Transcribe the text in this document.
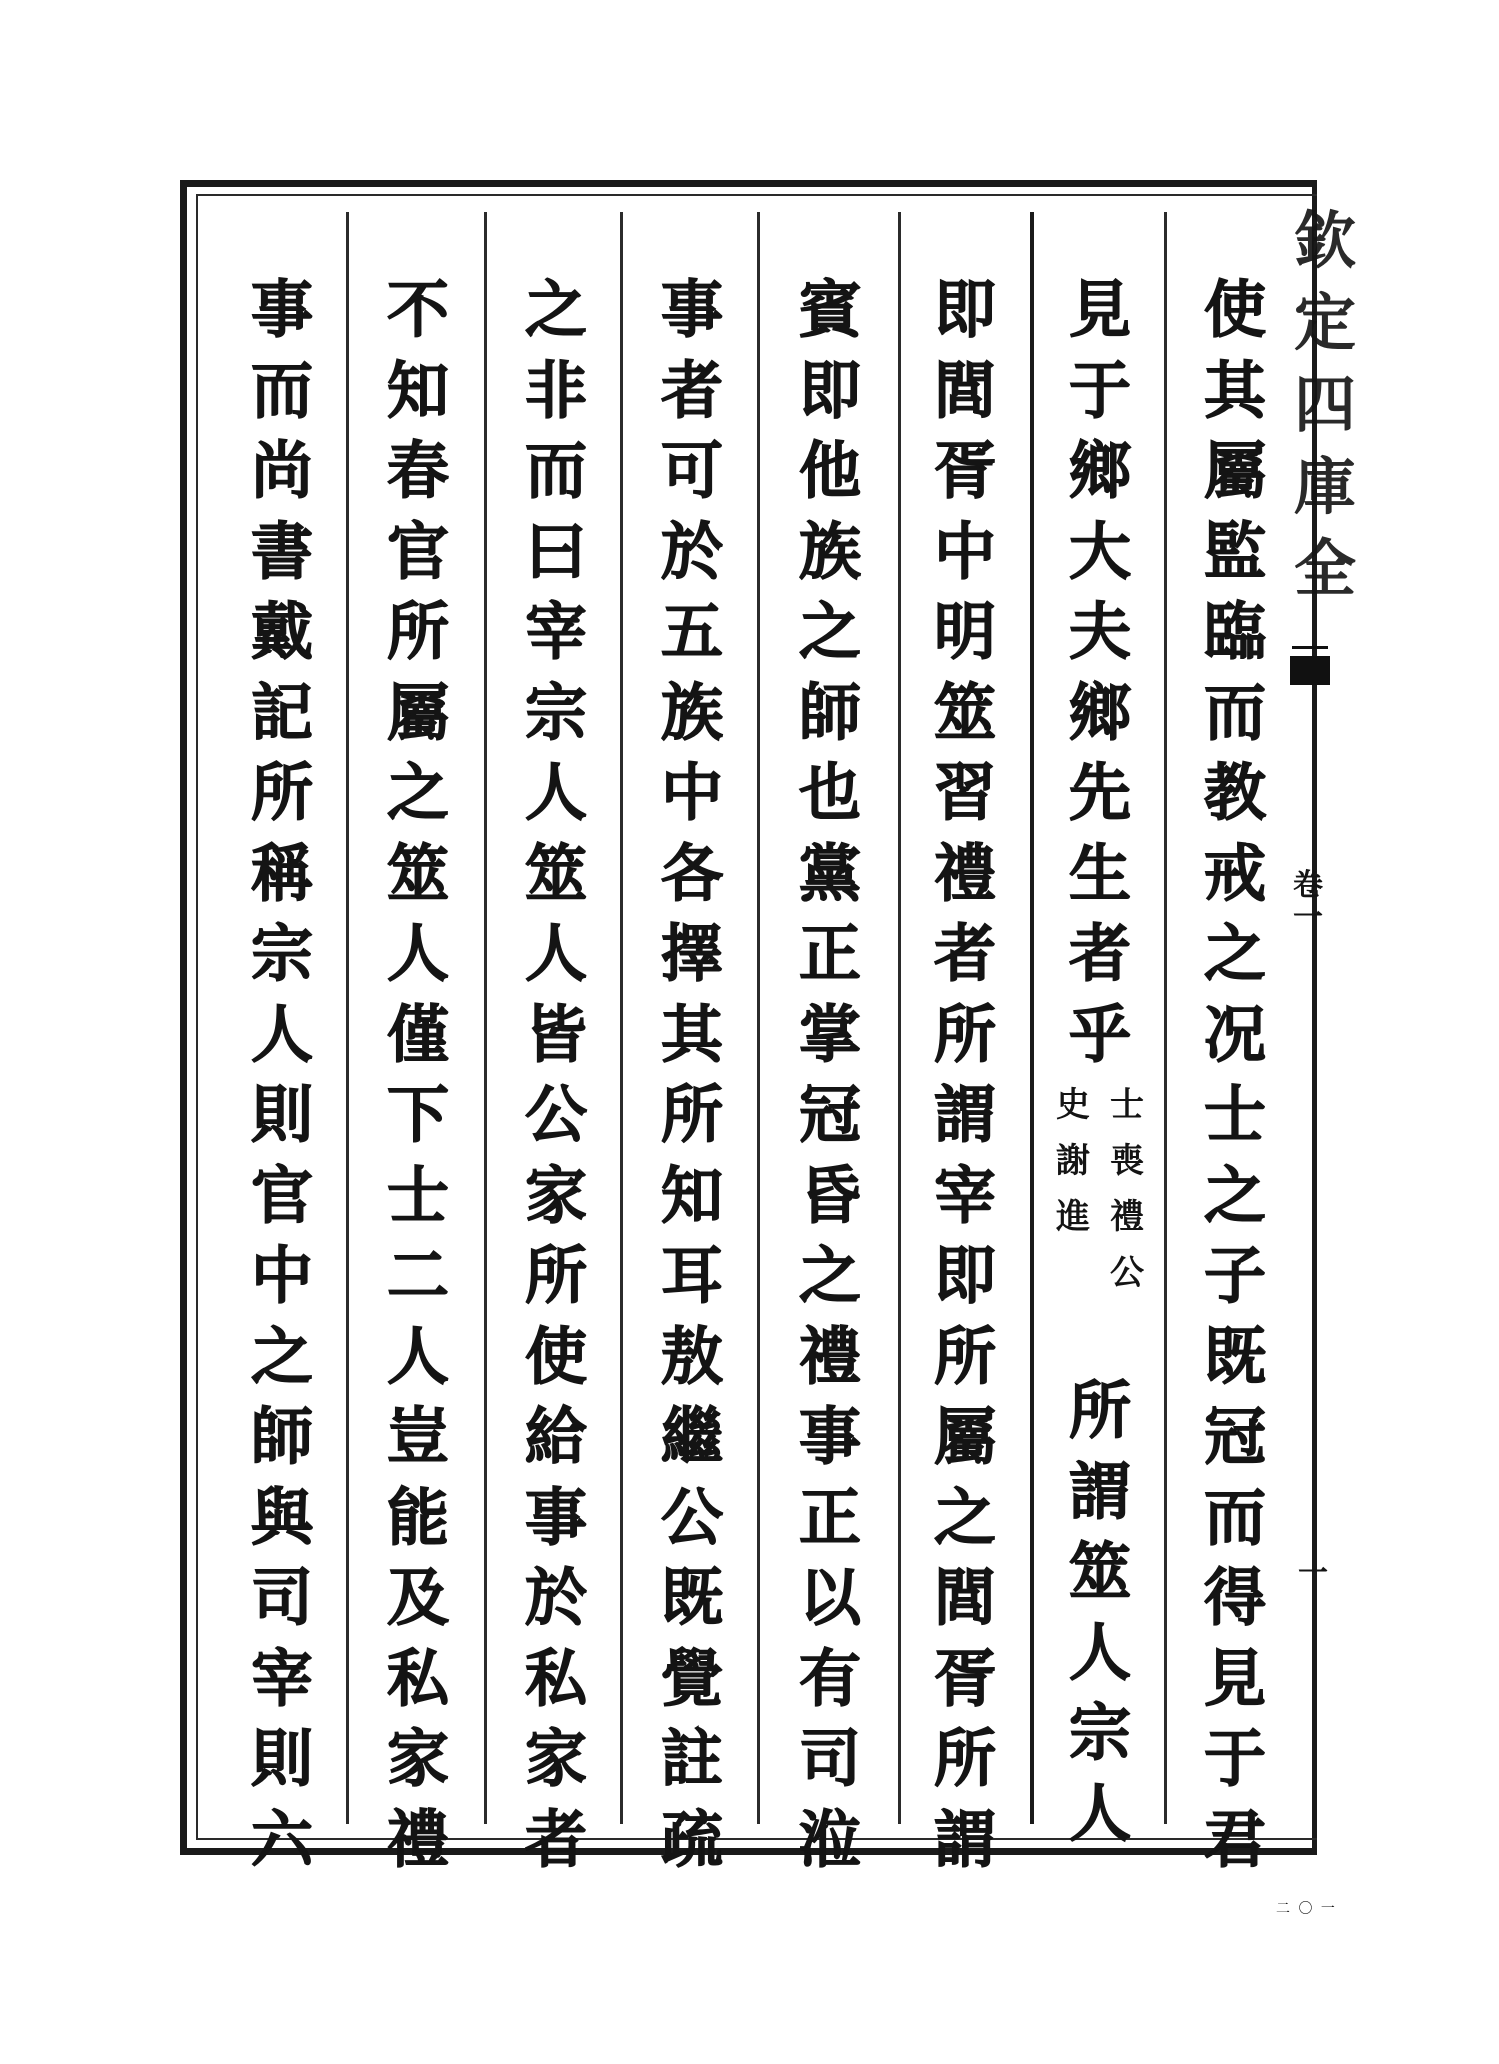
欽
定
四
庫
全
卷
一
一
二 〇 一
使
其
屬
監
臨
而
教
戒
之
况
士
之
子
既
冠
而
得
見
于
君
見
于
鄉
大
夫
鄉
先
生
者
乎
士
喪
禮
公
史
謝
進
所
謂
筮
人
宗
人
即
閭
胥
中
明
筮
習
禮
者
所
謂
宰
即
所
屬
之
閭
胥
所
謂
賓
即
他
族
之
師
也
黨
正
掌
冠
昏
之
禮
事
正
以
有
司
涖
事
者
可
於
五
族
中
各
擇
其
所
知
耳
敖
繼
公
既
覺
註
疏
之
非
而
曰
宰
宗
人
筮
人
皆
公
家
所
使
給
事
於
私
家
者
不
知
春
官
所
屬
之
筮
人
僅
下
士
二
人
豈
能
及
私
家
禮
事
而
尚
書
戴
記
所
稱
宗
人
則
官
中
之
師
與
司
宰
則
六
